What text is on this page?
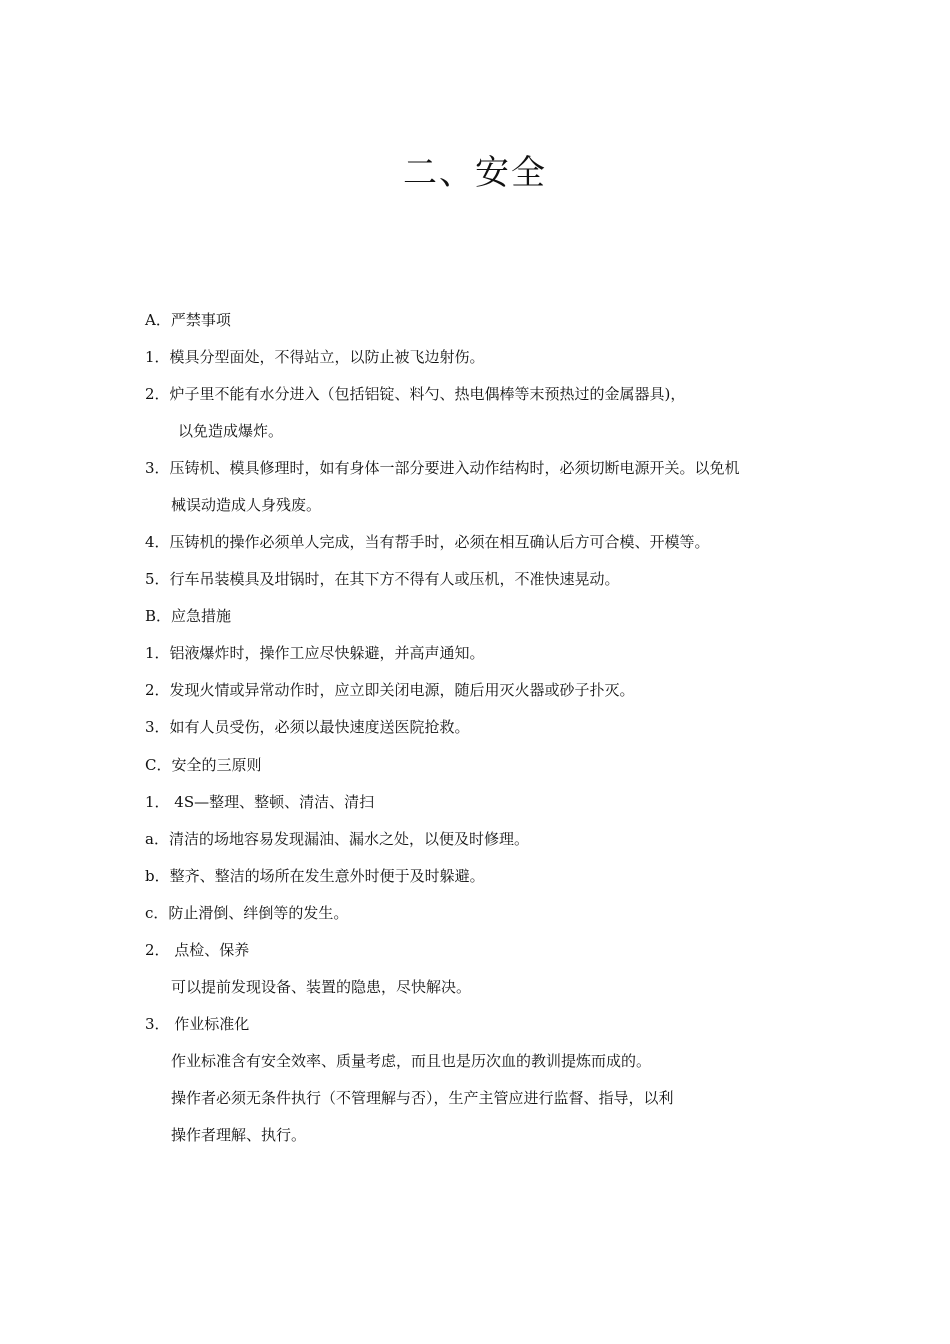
二、安全
A．严禁事项
1．模具分型面处，不得站立，以防止被飞边射伤。
2．炉子里不能有水分进入（包括铝锭、料勺、热电偶棒等末预热过的金属器具)，
以免造成爆炸。
3．压铸机、模具修理时，如有身体一部分要进入动作结构时，必须切断电源开关。以免机
械误动造成人身残废。
4．压铸机的操作必须单人完成，当有帮手时，必须在相互确认后方可合模、开模等。
5．行车吊装模具及坩锅时，在其下方不得有人或压机，不准快速晃动。
B．应急措施
1．铝液爆炸时，操作工应尽快躲避，并高声通知。
2．发现火情或异常动作时，应立即关闭电源，随后用灭火器或砂子扑灭。
3．如有人员受伤，必须以最快速度送医院抢救。
C．安全的三原则
1． 4S—整理、整顿、清洁、清扫
a．清洁的场地容易发现漏油、漏水之处，以便及时修理。
b．整齐、整洁的场所在发生意外时便于及时躲避。
c．防止滑倒、绊倒等的发生。
2． 点检、保养
可以提前发现设备、装置的隐患，尽快解决。
3． 作业标准化
作业标准含有安全效率、质量考虑，而且也是历次血的教训提炼而成的。
操作者必须无条件执行（不管理解与否），生产主管应进行监督、指导，以利
操作者理解、执行。
